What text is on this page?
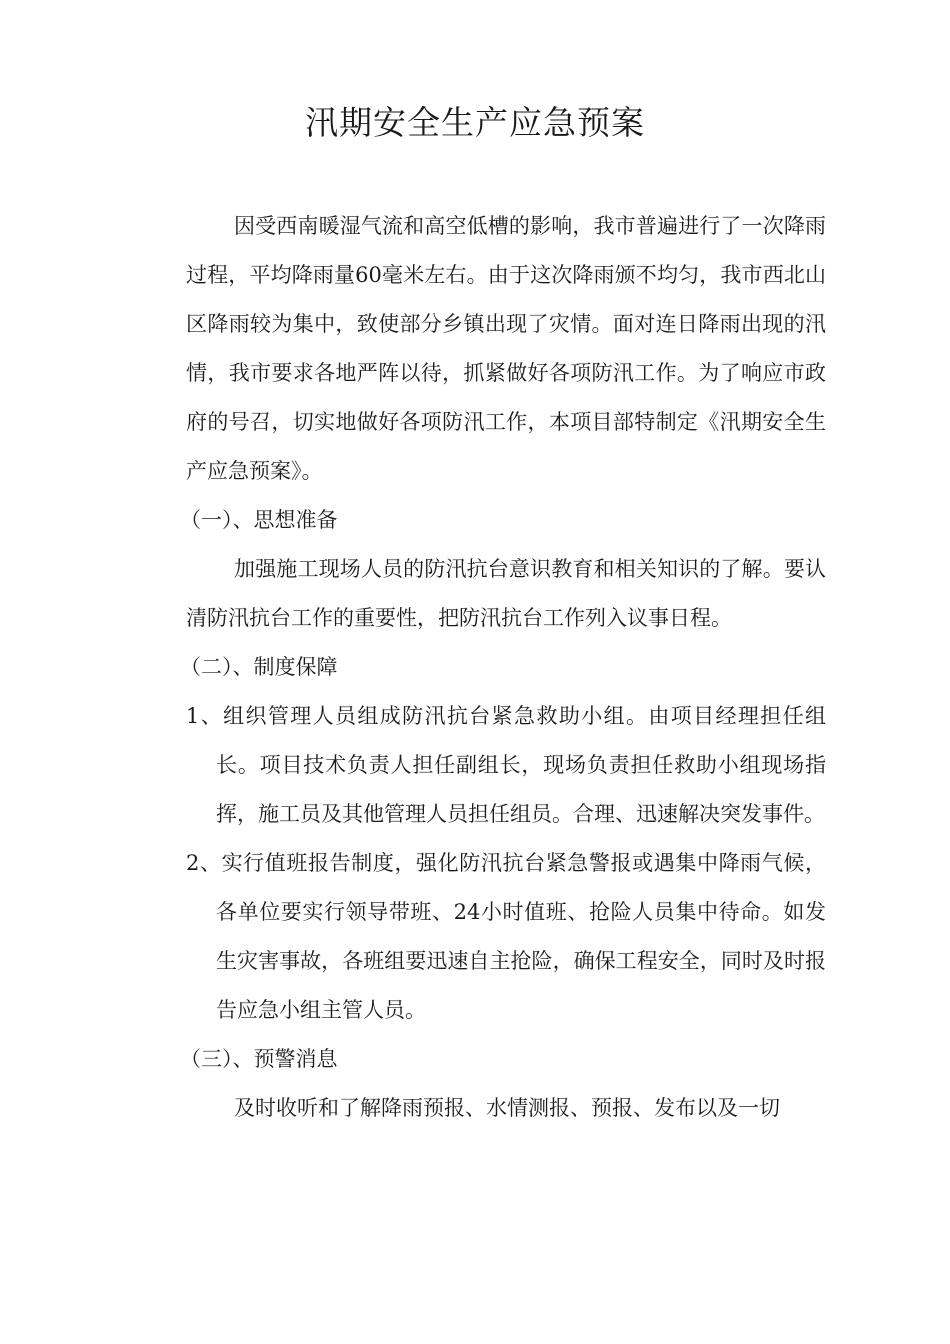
汛期安全生产应急预案

因受西南暖湿气流和高空低槽的影响，我市普遍进行了一次降雨过程，平均降雨量60毫米左右。由于这次降雨颁不均匀，我市西北山区降雨较为集中，致使部分乡镇出现了灾情。面对连日降雨出现的汛情，我市要求各地严阵以待，抓紧做好各项防汛工作。为了响应市政府的号召，切实地做好各项防汛工作，本项目部特制定《汛期安全生产应急预案》。

（一）、思想准备

加强施工现场人员的防汛抗台意识教育和相关知识的了解。要认清防汛抗台工作的重要性，把防汛抗台工作列入议事日程。

（二）、制度保障

1、组织管理人员组成防汛抗台紧急救助小组。由项目经理担任组长。项目技术负责人担任副组长，现场负责担任救助小组现场指挥，施工员及其他管理人员担任组员。合理、迅速解决突发事件。

2、实行值班报告制度，强化防汛抗台紧急警报或遇集中降雨气候，各单位要实行领导带班、24小时值班、抢险人员集中待命。如发生灾害事故，各班组要迅速自主抢险，确保工程安全，同时及时报告应急小组主管人员。

（三）、预警消息

及时收听和了解降雨预报、水情测报、预报、发布以及一切
